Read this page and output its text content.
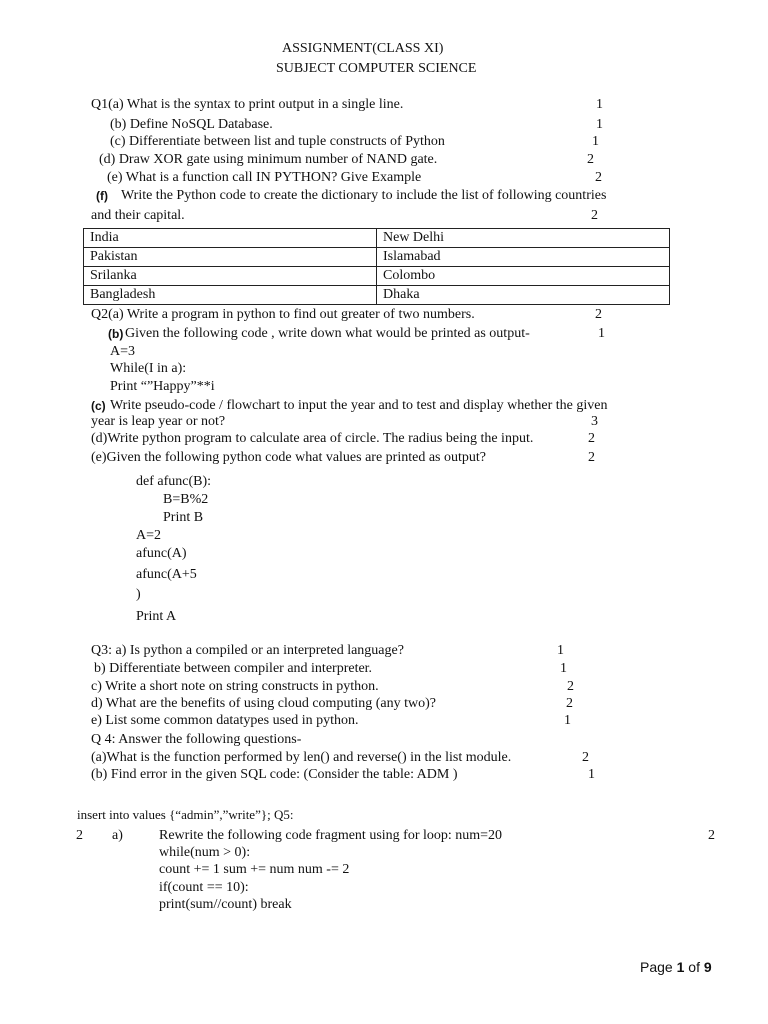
ASSIGNMENT(CLASS XI)
SUBJECT COMPUTER SCIENCE
Q1(a) What is the syntax to print output in a single line.	1
(b) Define NoSQL Database.	1
(c) Differentiate between list and tuple constructs of Python	1
(d) Draw XOR gate using minimum number of NAND gate.	2
(e) What is a function call IN PYTHON? Give Example	2
(f) Write the Python code to create the dictionary to include the list of following countries
and their capital.	2
India	New Delhi
Pakistan	Islamabad
Srilanka	Colombo
Bangladesh	Dhaka
Q2(a) Write a program in python to find out greater of two numbers.	2
(b) Given the following code , write down what would be printed as output-	1
A=3
While(I in a):
Print “”Happy”**i
(c) Write pseudo-code / flowchart to input the year and to test and display whether the given
year is leap year or not?	3
(d)Write python program to calculate area of circle. The radius being the input.	2
(e)Given the following python code what values are printed as output?	2
def afunc(B):
B=B%2
Print B
A=2
afunc(A)
afunc(A+5
)
Print A
Q3: a) Is python a compiled or an interpreted language?	1
b) Differentiate between compiler and interpreter.	1
c) Write a short note on string constructs in python.	2
d) What are the benefits of using cloud computing (any two)?	2
e) List some common datatypes used in python.	1
Q 4: Answer the following questions-
(a)What is the function performed by len() and reverse() in the list module.	2
(b) Find error in the given SQL code: (Consider the table: ADM )	1
insert into values {“admin”,”write”}; Q5:
2 a)	Rewrite the following code fragment using for loop: num=20	2
while(num > 0):
count += 1 sum += num num -= 2
if(count == 10):
print(sum//count) break
Page 1 of 9
